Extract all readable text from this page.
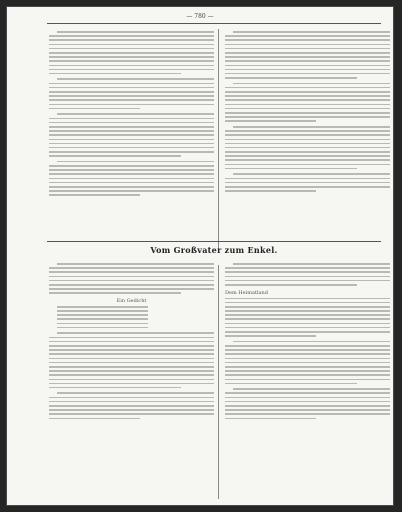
— 780 —
Vom Großvater zum Enkel.
Ein Gedicht
Dem Heimatland
